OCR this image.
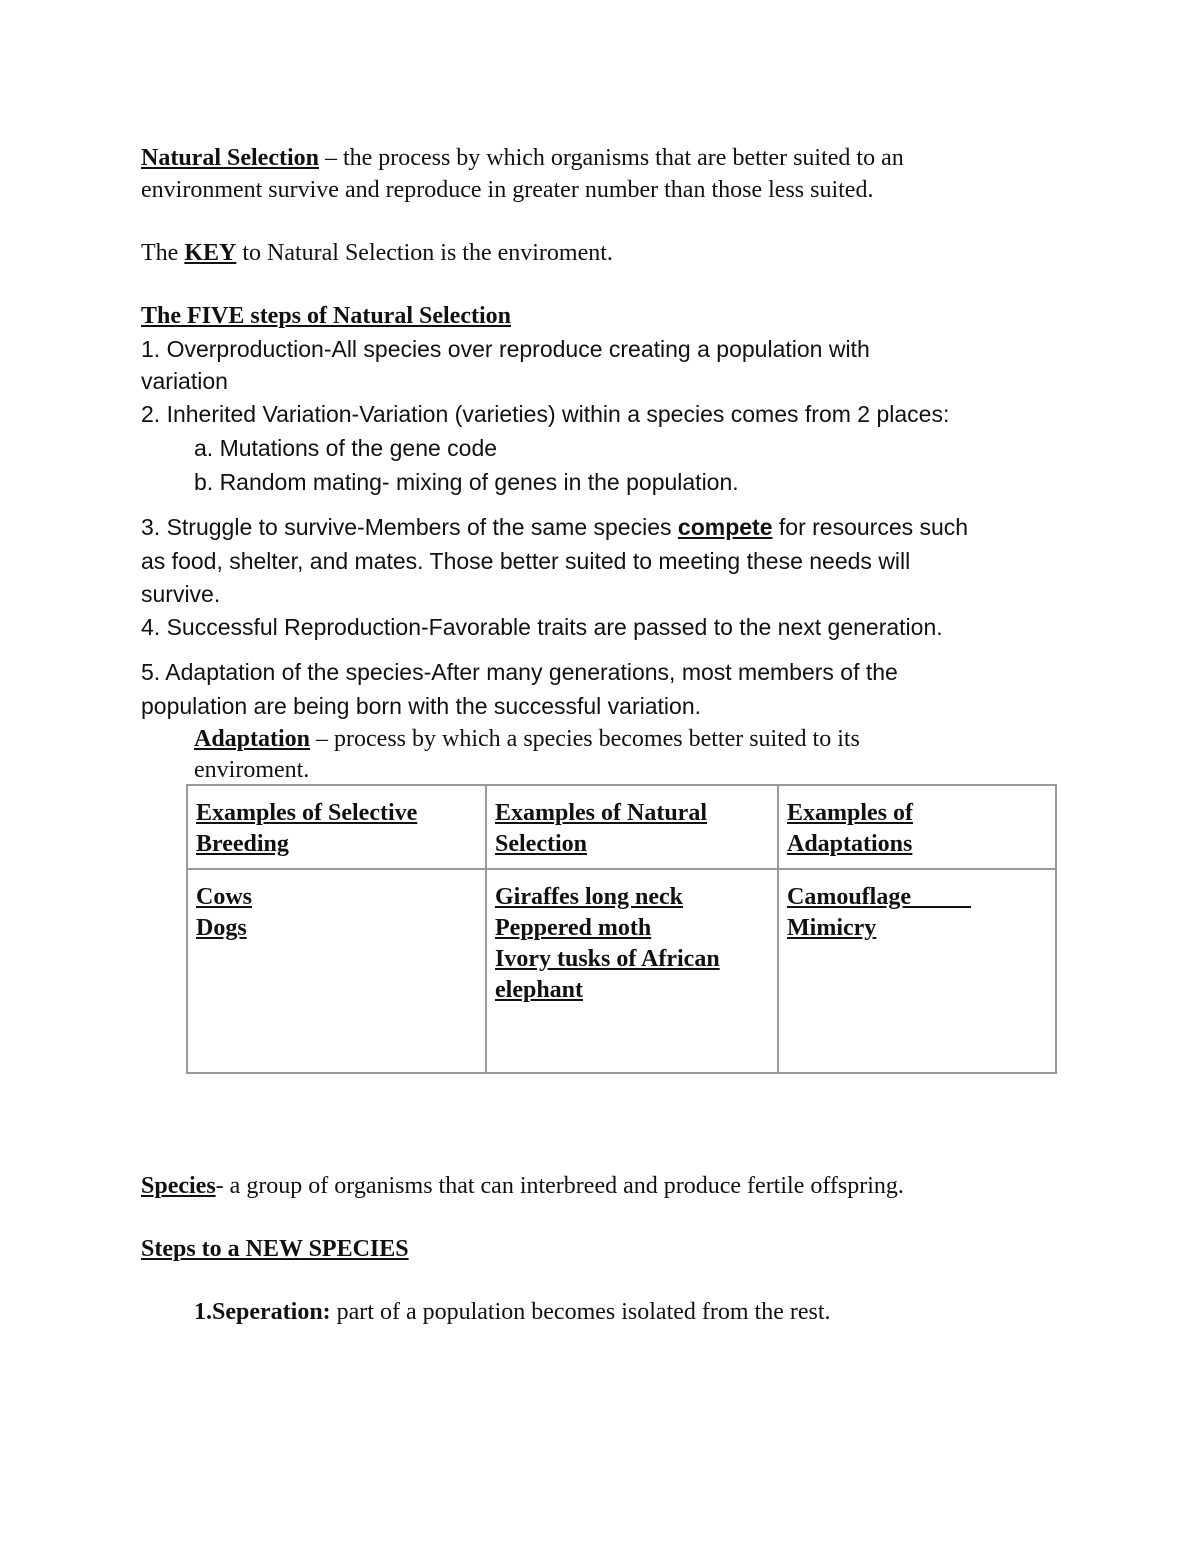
Natural Selection – the process by which organisms that are better suited to an
environment survive and reproduce in greater number than those less suited.
The KEY to Natural Selection is the enviroment.
The FIVE steps of Natural Selection
1. Overproduction-All species over reproduce creating a population with
variation
2. Inherited Variation-Variation (varieties) within a species comes from 2 places:
a. Mutations of the gene code
b. Random mating- mixing of genes in the population.
3. Struggle to survive-Members of the same species compete for resources such
as food, shelter, and mates. Those better suited to meeting these needs will
survive.
4. Successful Reproduction-Favorable traits are passed to the next generation.
5. Adaptation of the species-After many generations, most members of the
population are being born with the successful variation.
Adaptation – process by which a species becomes better suited to its
enviroment.
Examples of Selective
Breeding	Examples of Natural
Selection	Examples of
Adaptations

Cows
Dogs	Giraffes long neck
Peppered moth
Ivory tusks of African
elephant	Camouflage
Mimicry
Species- a group of organisms that can interbreed and produce fertile offspring.
Steps to a NEW SPECIES
1.Seperation: part of a population becomes isolated from the rest.
